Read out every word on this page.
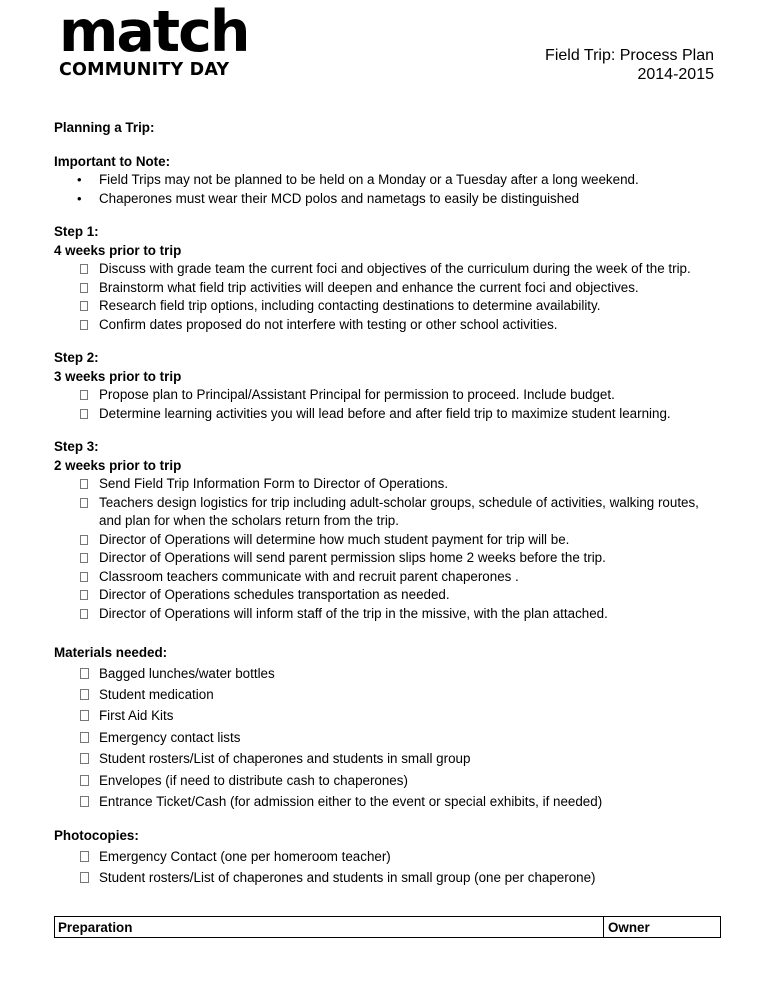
match
COMMUNITY DAY
Field Trip: Process Plan
2014-2015
Planning a Trip:
Important to Note:
• Field Trips may not be planned to be held on a Monday or a Tuesday after a long weekend.
• Chaperones must wear their MCD polos and nametags to easily be distinguished
Step 1:
4 weeks prior to trip
Discuss with grade team the current foci and objectives of the curriculum during the week of the trip.
Brainstorm what field trip activities will deepen and enhance the current foci and objectives.
Research field trip options, including contacting destinations to determine availability.
Confirm dates proposed do not interfere with testing or other school activities.
Step 2:
3 weeks prior to trip
Propose plan to Principal/Assistant Principal for permission to proceed. Include budget.
Determine learning activities you will lead before and after field trip to maximize student learning.
Step 3:
2 weeks prior to trip
Send Field Trip Information Form to Director of Operations.
Teachers design logistics for trip including adult-scholar groups, schedule of activities, walking routes, and plan for when the scholars return from the trip.
Director of Operations will determine how much student payment for trip will be.
Director of Operations will send parent permission slips home 2 weeks before the trip.
Classroom teachers communicate with and recruit parent chaperones .
Director of Operations schedules transportation as needed.
Director of Operations will inform staff of the trip in the missive, with the plan attached.
Materials needed:
Bagged lunches/water bottles
Student medication
First Aid Kits
Emergency contact lists
Student rosters/List of chaperones and students in small group
Envelopes (if need to distribute cash to chaperones)
Entrance Ticket/Cash (for admission either to the event or special exhibits, if needed)
Photocopies:
Emergency Contact (one per homeroom teacher)
Student rosters/List of chaperones and students in small group (one per chaperone)
Preparation	Owner
